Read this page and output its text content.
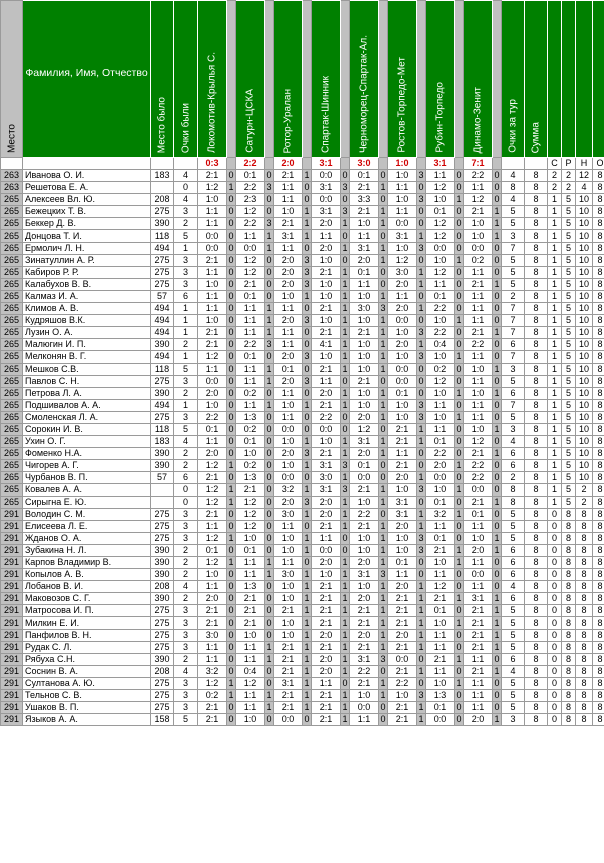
Место	Фамилия, Имя, Отчество	Место было	Очки были	Локомотив-Крылья С.		Сатурн-ЦСКА		Ротор-Уралан		Спартак-Шинник		Черноморец-Спартак-Ал.		Ростов-Торпедо-Мет		Рубин-Торпедо		Динамо-Зенит		Очки за тур	Сумма				

				0:3		2:2		2:0		3:1		3:0		1:0		3:1		7:1				С	Р	Н	О
263	Иванова О. И.	183	4	2:1	0	0:1	0	2:1	1	0:0	0	0:1	0	1:0	3	1:1	0	2:2	0	4	8	2	2	12	8
263	Решетова Е. А.		0	1:2	1	2:2	3	1:1	0	3:1	3	2:1	1	1:1	0	1:2	0	1:1	0	8	8	2	2	4	8
265	Алексеев Вл. Ю.	208	4	1:0	0	2:3	0	1:1	0	0:0	0	3:3	0	1:0	3	1:0	1	1:2	0	4	8	1	5	10	8
265	Бежецких Т. В.	275	3	1:1	0	1:2	0	1:0	1	3:1	3	2:1	1	1:1	0	0:1	0	2:1	1	5	8	1	5	10	8
265	Беккер Д. В.	390	2	1:1	0	2:2	3	2:1	1	2:0	1	1:0	1	0:0	0	1:2	0	1:0	1	5	8	1	5	10	8
265	Донцова Т. И.	118	5	0:0	0	1:1	1	3:1	1	1:1	0	1:1	0	3:1	1	1:2	0	1:0	1	3	8	1	5	10	8
265	Ермолич Л. Н.	494	1	0:0	0	0:0	1	1:1	0	2:0	1	3:1	1	1:0	3	0:0	0	0:0	0	7	8	1	5	10	8
265	Зинатуллин А. Р.	275	3	2:1	0	1:2	0	2:0	3	1:0	0	2:0	1	1:2	0	1:0	1	0:2	0	5	8	1	5	10	8
265	Кабиров Р. Р.	275	3	1:1	0	1:2	0	2:0	3	2:1	1	0:1	0	3:0	1	1:2	0	1:1	0	5	8	1	5	10	8
265	Калабухов В. В.	275	3	1:0	0	2:1	0	2:0	3	1:0	1	1:1	0	2:0	1	1:1	0	2:1	1	5	8	1	5	10	8
265	Калмаз И. А.	57	6	1:1	0	0:1	0	1:0	1	1:0	1	1:0	1	1:1	0	0:1	0	1:1	0	2	8	1	5	10	8
265	Климов А. В.	494	1	1:1	0	1:1	1	1:1	0	2:1	1	3:0	3	2:0	1	2:2	0	1:1	0	7	8	1	5	10	8
265	Кудряшов В.К.	494	1	1:0	0	1:1	1	2:0	3	1:0	1	1:0	1	0:0	0	1:0	1	1:1	0	7	8	1	5	10	8
265	Лузин О. А.	494	1	2:1	0	1:1	1	1:1	0	2:1	1	2:1	1	1:0	3	2:2	0	2:1	1	7	8	1	5	10	8
265	Малюгин И. П.	390	2	2:1	0	2:2	3	1:1	0	4:1	1	1:0	1	2:0	1	0:4	0	2:2	0	6	8	1	5	10	8
265	Мелконян В. Г.	494	1	1:2	0	0:1	0	2:0	3	1:0	1	1:0	1	1:0	3	1:0	1	1:1	0	7	8	1	5	10	8
265	Мешков С.В.	118	5	1:1	0	1:1	1	0:1	0	2:1	1	1:0	1	0:0	0	0:2	0	1:0	1	3	8	1	5	10	8
265	Павлов С. Н.	275	3	0:0	0	1:1	1	2:0	3	1:1	0	2:1	0	0:0	0	1:2	0	1:1	0	5	8	1	5	10	8
265	Петрова Л. А.	390	2	2:0	0	0:2	0	1:1	0	2:0	1	1:0	1	0:1	0	1:0	1	1:0	1	6	8	1	5	10	8
265	Подшивалов А. А.	494	1	1:0	0	1:1	1	1:0	1	2:1	1	1:0	1	1:0	3	1:1	0	1:1	0	7	8	1	5	10	8
265	Смоленская Л. А.	275	3	2:2	0	1:3	0	1:1	0	2:2	0	2:0	1	1:0	3	1:0	1	1:1	0	5	8	1	5	10	8
265	Сорокин И. В.	118	5	0:1	0	0:2	0	0:0	0	0:0	0	1:2	0	2:1	1	1:1	0	1:0	1	3	8	1	5	10	8
265	Ухин О. Г.	183	4	1:1	0	0:1	0	1:0	1	1:0	1	3:1	1	2:1	1	0:1	0	1:2	0	4	8	1	5	10	8
265	Фоменко Н.А.	390	2	2:0	0	1:0	0	2:0	3	2:1	1	2:0	1	1:1	0	2:2	0	2:1	1	6	8	1	5	10	8
265	Чигорев А. Г.	390	2	1:2	1	0:2	0	1:0	1	3:1	3	0:1	0	2:1	0	2:0	1	2:2	0	6	8	1	5	10	8
265	Чурбанов В. П.	57	6	2:1	0	1:3	0	0:0	0	3:0	1	0:0	0	2:0	1	0:0	0	2:2	0	2	8	1	5	10	8
265	Ковалев А. А.		0	1:2	1	2:1	0	3:2	1	3:1	3	2:1	1	1:0	3	1:0	1	0:0	0	8	8	1	5	2	8
265	Сирыгна Е. Ю.		0	1:2	1	1:2	0	2:0	3	2:0	1	1:0	1	3:1	0	0:1	0	2:1	1	8	8	1	5	2	8
291	Володин С. М.	275	3	2:1	0	1:2	0	3:0	1	2:0	1	2:2	0	3:1	1	3:2	1	0:1	0	5	8	0	8	8	8
291	Елисеева Л. Е.	275	3	1:1	0	1:2	0	1:1	0	2:1	1	2:1	1	2:0	1	1:1	0	1:1	0	5	8	0	8	8	8
291	Жданов О. А.	275	3	1:2	1	1:0	0	1:0	1	1:1	0	1:0	1	1:0	3	0:1	0	1:0	1	5	8	0	8	8	8
291	Зубакина Н. Л.	390	2	0:1	0	0:1	0	1:0	1	0:0	0	1:0	1	1:0	3	2:1	1	2:0	1	6	8	0	8	8	8
291	Карпов Владимир В.	390	2	1:2	1	1:1	1	1:1	0	2:0	1	2:0	1	0:1	0	1:0	1	1:1	0	6	8	0	8	8	8
291	Копылов А. В.	390	2	1:0	0	1:1	1	3:0	1	1:0	1	3:1	3	1:1	0	1:1	0	0:0	0	6	8	0	8	8	8
291	Лобанов В. И.	208	4	1:1	0	1:3	0	1:0	1	2:1	1	1:0	1	2:0	1	1:2	0	1:1	0	4	8	0	8	8	8
291	Маковозов С. Г.	390	2	2:0	0	2:1	0	1:0	1	2:1	1	2:0	1	2:1	1	2:1	1	3:1	1	6	8	0	8	8	8
291	Матросова И. П.	275	3	2:1	0	2:1	0	2:1	1	2:1	1	2:1	1	2:1	1	0:1	0	2:1	1	5	8	0	8	8	8
291	Милкин Е. И.	275	3	2:1	0	2:1	0	1:0	1	2:1	1	2:1	1	2:1	1	1:0	1	2:1	1	5	8	0	8	8	8
291	Панфилов В. Н.	275	3	3:0	0	1:0	0	1:0	1	2:0	1	2:0	1	2:0	1	1:1	0	2:1	1	5	8	0	8	8	8
291	Рудак С. Л.	275	3	1:1	0	1:1	1	2:1	1	2:1	1	2:1	1	2:1	1	1:1	0	2:1	1	5	8	0	8	8	8
291	Рябуха С.Н.	390	2	1:1	0	1:1	1	2:1	1	2:0	1	3:1	3	0:0	0	2:1	1	1:1	0	6	8	0	8	8	8
291	Соснин В. А.	208	4	3:2	0	0:4	0	2:1	1	2:0	1	2:2	0	2:1	1	1:1	0	2:1	1	4	8	0	8	8	8
291	Султанова А. Ю.	275	3	1:2	1	1:2	0	3:1	1	1:1	0	2:1	1	2:2	0	1:0	1	1:1	0	5	8	0	8	8	8
291	Тельнов С. В.	275	3	0:2	1	1:1	1	2:1	1	2:1	1	1:0	1	1:0	3	1:3	0	1:1	0	5	8	0	8	8	8
291	Ушаков В. П.	275	3	2:1	0	1:1	1	2:1	1	2:1	1	0:0	0	2:1	1	0:1	0	1:1	0	5	8	0	8	8	8
291	Языков А. А.	158	5	2:1	0	1:0	0	0:0	0	2:1	1	1:1	0	2:1	1	0:0	0	2:0	1	3	8	0	8	8	8
